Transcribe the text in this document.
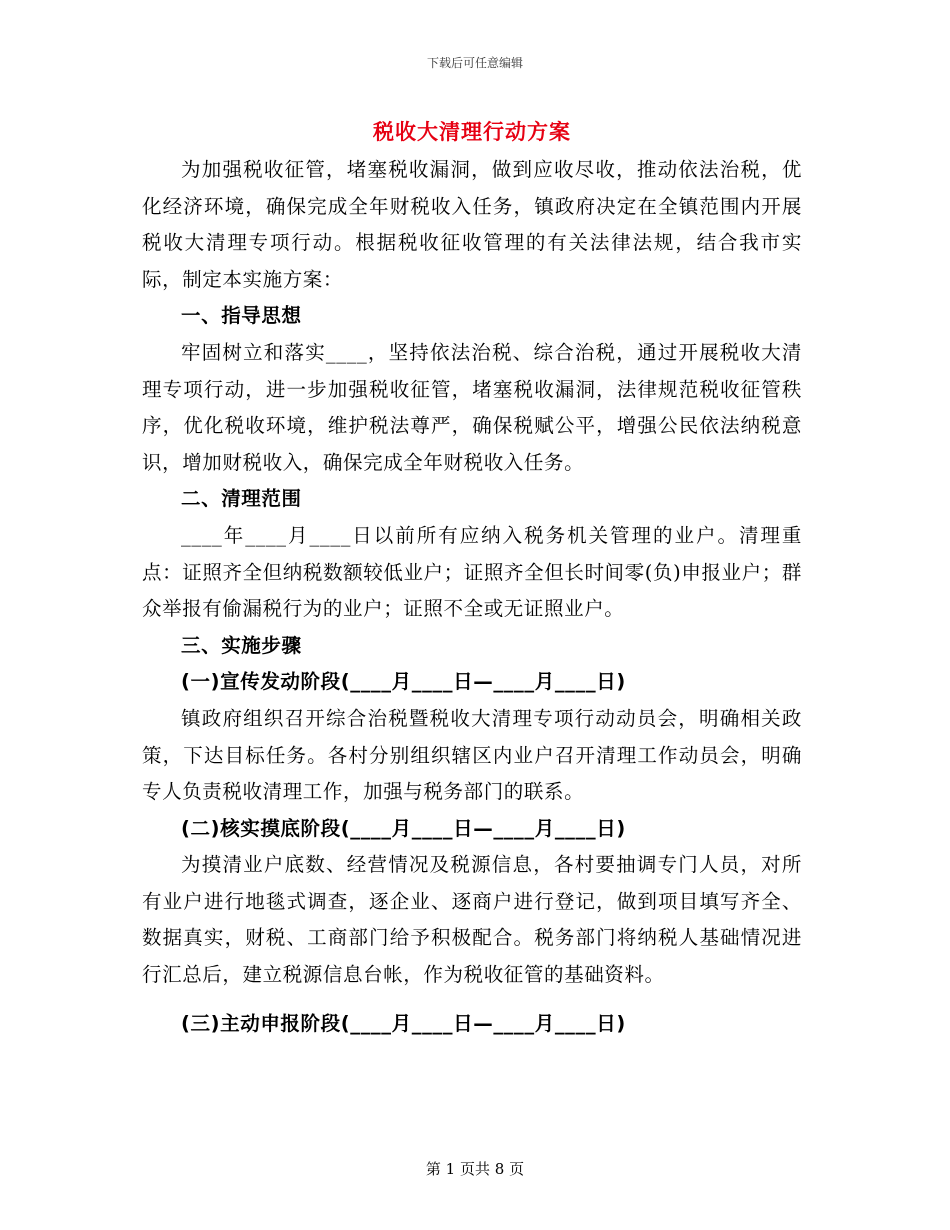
下载后可任意编辑
税收大清理行动方案

为加强税收征管，堵塞税收漏洞，做到应收尽收，推动依法治税，优化经济环境，确保完成全年财税收入任务，镇政府决定在全镇范围内开展税收大清理专项行动。根据税收征收管理的有关法律法规，结合我市实际，制定本实施方案：

一、指导思想

牢固树立和落实____，坚持依法治税、综合治税，通过开展税收大清理专项行动，进一步加强税收征管，堵塞税收漏洞，法律规范税收征管秩序，优化税收环境，维护税法尊严，确保税赋公平，增强公民依法纳税意识，增加财税收入，确保完成全年财税收入任务。

二、清理范围

____年____月____日以前所有应纳入税务机关管理的业户。清理重点：证照齐全但纳税数额较低业户；证照齐全但长时间零(负)申报业户；群众举报有偷漏税行为的业户；证照不全或无证照业户。

三、实施步骤

(一)宣传发动阶段(____月____日—____月____日)

镇政府组织召开综合治税暨税收大清理专项行动动员会，明确相关政策，下达目标任务。各村分别组织辖区内业户召开清理工作动员会，明确专人负责税收清理工作，加强与税务部门的联系。

(二)核实摸底阶段(____月____日—____月____日)

为摸清业户底数、经营情况及税源信息，各村要抽调专门人员，对所有业户进行地毯式调查，逐企业、逐商户进行登记，做到项目填写齐全、数据真实，财税、工商部门给予积极配合。税务部门将纳税人基础情况进行汇总后，建立税源信息台帐，作为税收征管的基础资料。

(三)主动申报阶段(____月____日—____月____日)

第 1 页共 8 页
